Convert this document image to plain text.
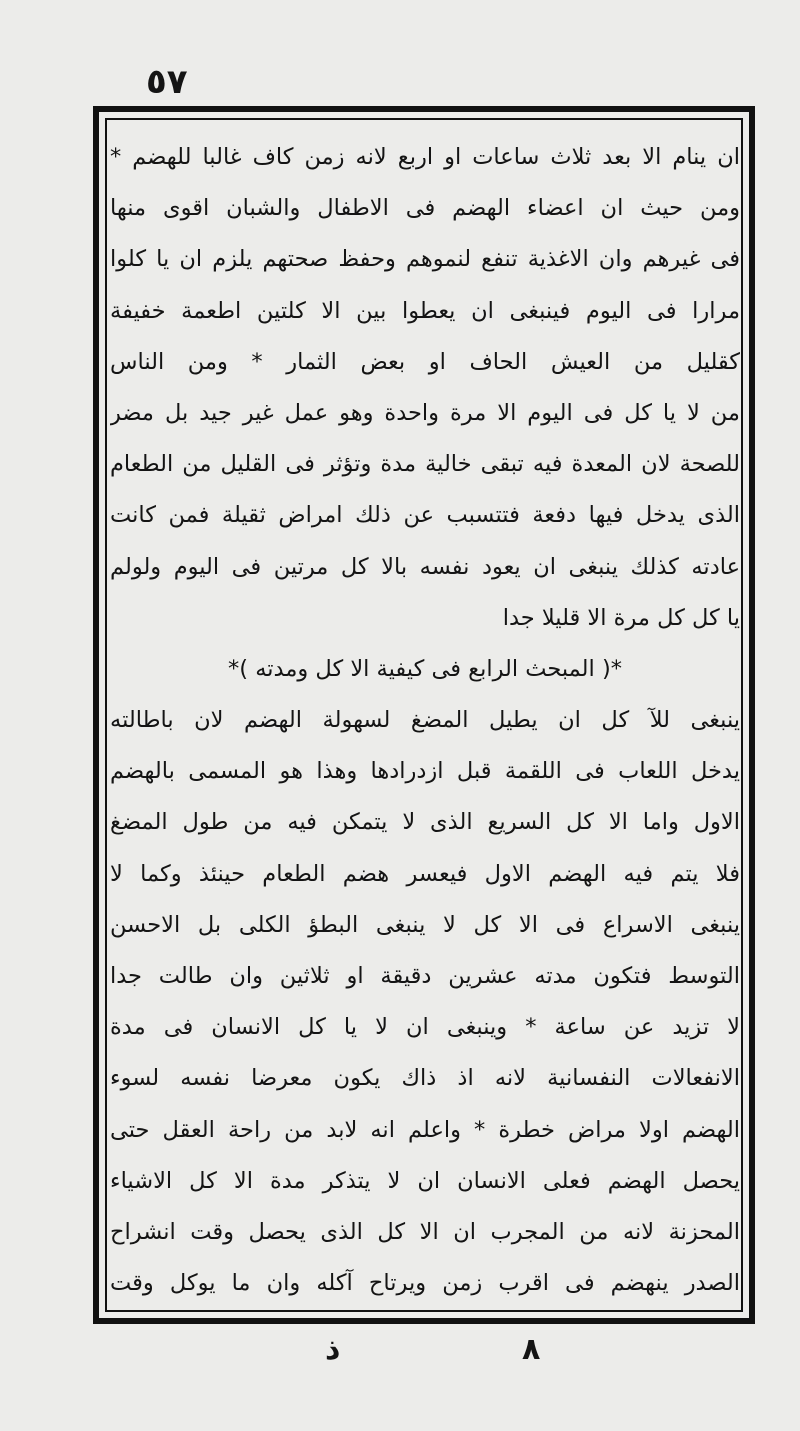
٥٧
ان ينام الا بعد ثلاث ساعات او اربع لانه زمن كاف غالبا للهضم *
ومن حيث ان اعضاء الهضم فى الاطفال والشبان اقوى منها
فى غيرهم وان الاغذية تنفع لنموهم وحفظ صحتهم يلزم ان يا كلوا
مرارا فى اليوم فينبغى ان يعطوا بين الا كلتين اطعمة خفيفة
كقليل من العيش الحاف او بعض الثمار * ومن الناس
من لا يا كل فى اليوم الا مرة واحدة وهو عمل غير جيد بل مضر
للصحة لان المعدة فيه تبقى خالية مدة وتؤثر فى القليل من الطعام
الذى يدخل فيها دفعة فتتسبب عن ذلك امراض ثقيلة فمن كانت
عادته كذلك ينبغى ان يعود نفسه بالا كل مرتين فى اليوم ولولم
يا كل كل مرة الا قليلا جدا
*( المبحث الرابع فى كيفية الا كل ومدته )*
ينبغى للآ كل ان يطيل المضغ لسهولة الهضم لان باطالته
يدخل اللعاب فى اللقمة قبل ازدرادها وهذا هو المسمى بالهضم
الاول واما الا كل السريع الذى لا يتمكن فيه من طول المضغ
فلا يتم فيه الهضم الاول فيعسر هضم الطعام حينئذ وكما لا
ينبغى الاسراع فى الا كل لا ينبغى البطؤ الكلى بل الاحسن
التوسط فتكون مدته عشرين دقيقة او ثلاثين وان طالت جدا
لا تزيد عن ساعة * وينبغى ان لا يا كل الانسان فى مدة
الانفعالات النفسانية لانه اذ ذاك يكون معرضا نفسه لسوء
الهضم اولا مراض خطرة * واعلم انه لابد من راحة العقل حتى
يحصل الهضم فعلى الانسان ان لا يتذكر مدة الا كل الاشياء
المحزنة لانه من المجرب ان الا كل الذى يحصل وقت انشراح
الصدر ينهضم فى اقرب زمن ويرتاح آكله وان ما يوكل وقت
ذ	٨
